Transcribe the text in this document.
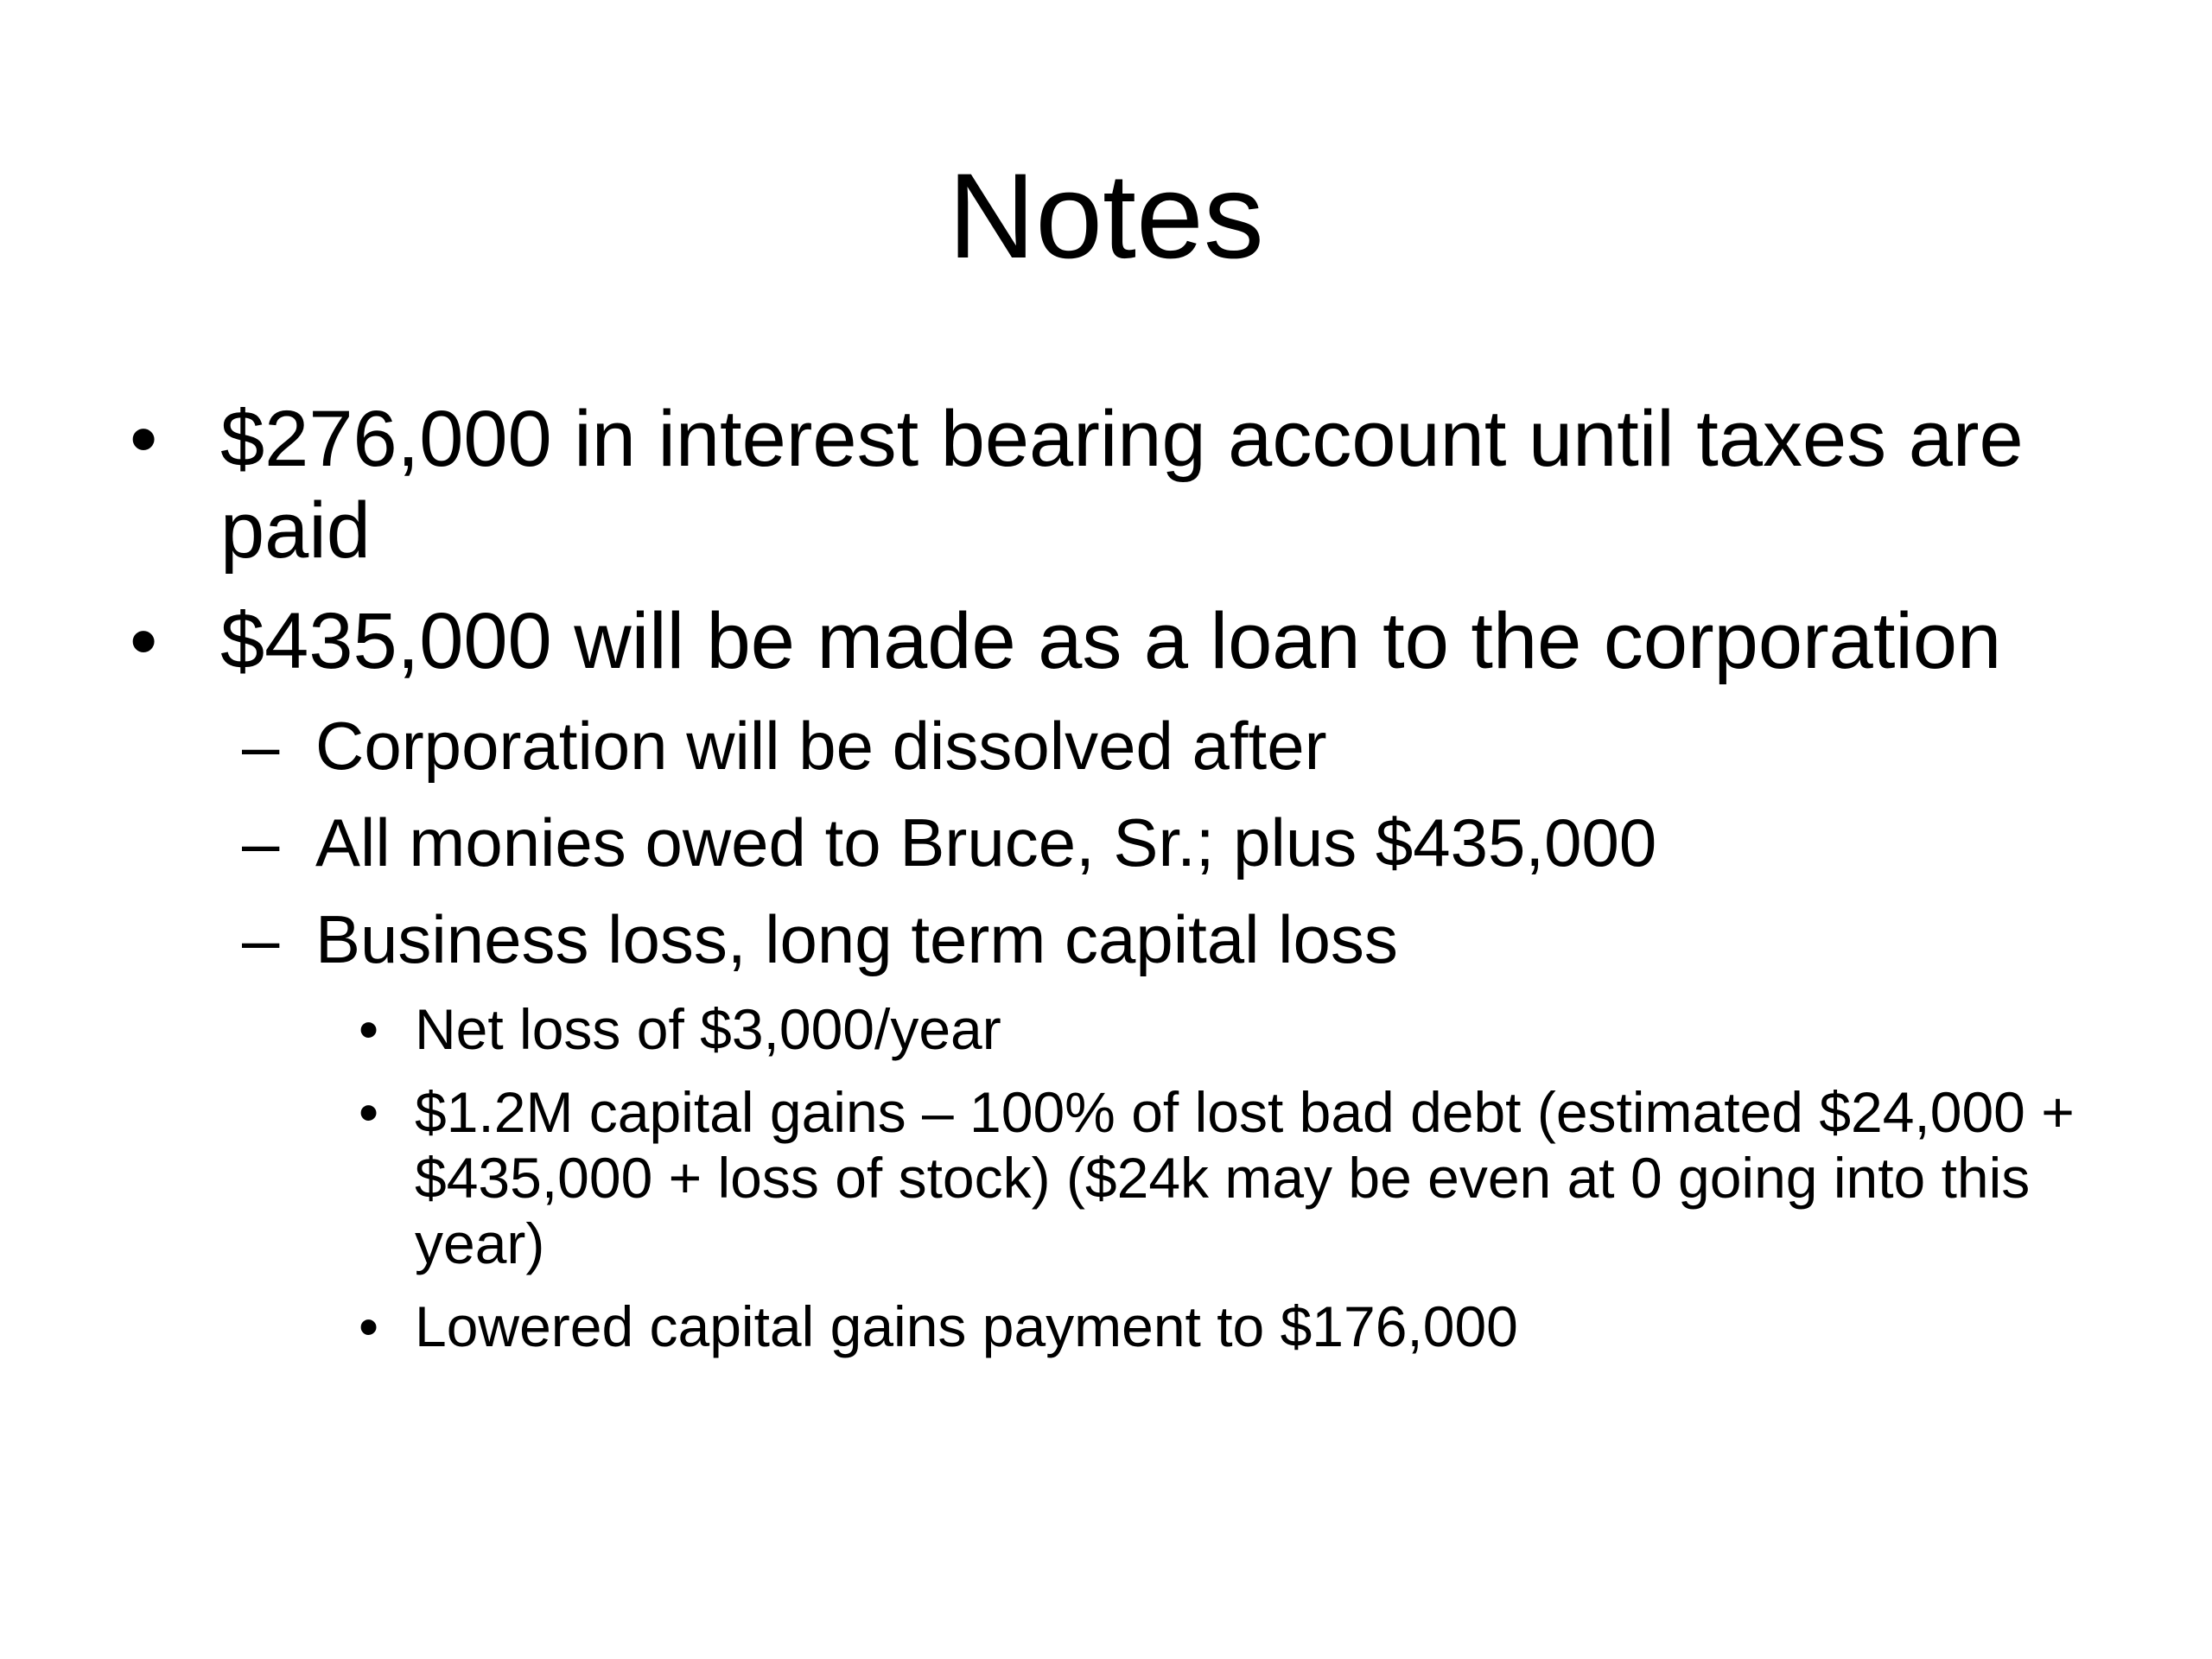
Notes
• $276,000 in interest bearing account until taxes are paid
• $435,000 will be made as a loan to the corporation
– Corporation will be dissolved after
– All monies owed to Bruce, Sr.; plus $435,000
– Business loss, long term capital loss
• Net loss of $3,000/year
• $1.2M capital gains – 100% of lost bad debt (estimated $24,000 + $435,000 + loss of stock) ($24k may be even at 0 going into this year)
• Lowered capital gains payment to $176,000
